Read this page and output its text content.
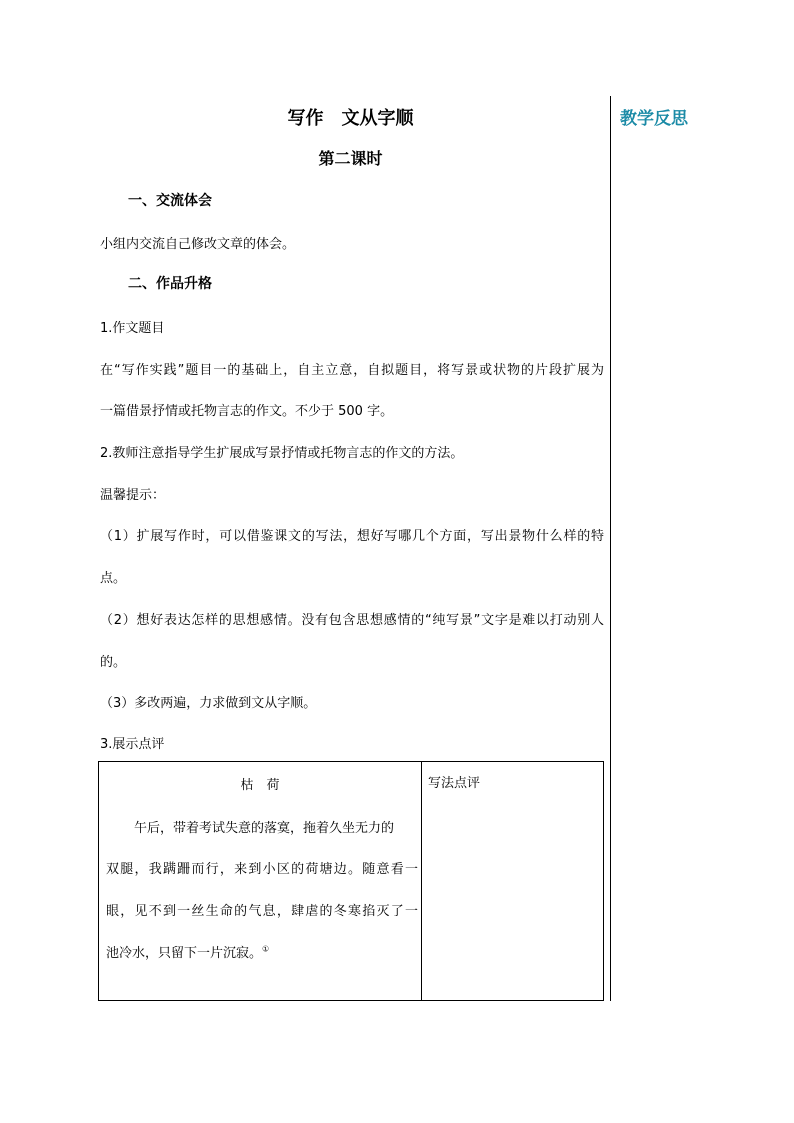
教学反思
写作　文从字顺
第二课时
一、交流体会
小组内交流自己修改文章的体会。
二、作品升格
1.作文题目
在“写作实践”题目一的基础上，自主立意，自拟题目，将写景或状物的片段扩展为
一篇借景抒情或托物言志的作文。不少于 500 字。
2.教师注意指导学生扩展成写景抒情或托物言志的作文的方法。
温馨提示：
（1）扩展写作时，可以借鉴课文的写法，想好写哪几个方面，写出景物什么样的特
点。
（2）想好表达怎样的思想感情。没有包含思想感情的“纯写景”文字是难以打动别人
的。
（3）多改两遍，力求做到文从字顺。
3.展示点评
枯　荷
午后，带着考试失意的落寞，拖着久坐无力的
双腿，我蹒跚而行，来到小区的荷塘边。随意看一
眼，见不到一丝生命的气息，肆虐的冬寒掐灭了一
池冷水，只留下一片沉寂。①
写法点评
